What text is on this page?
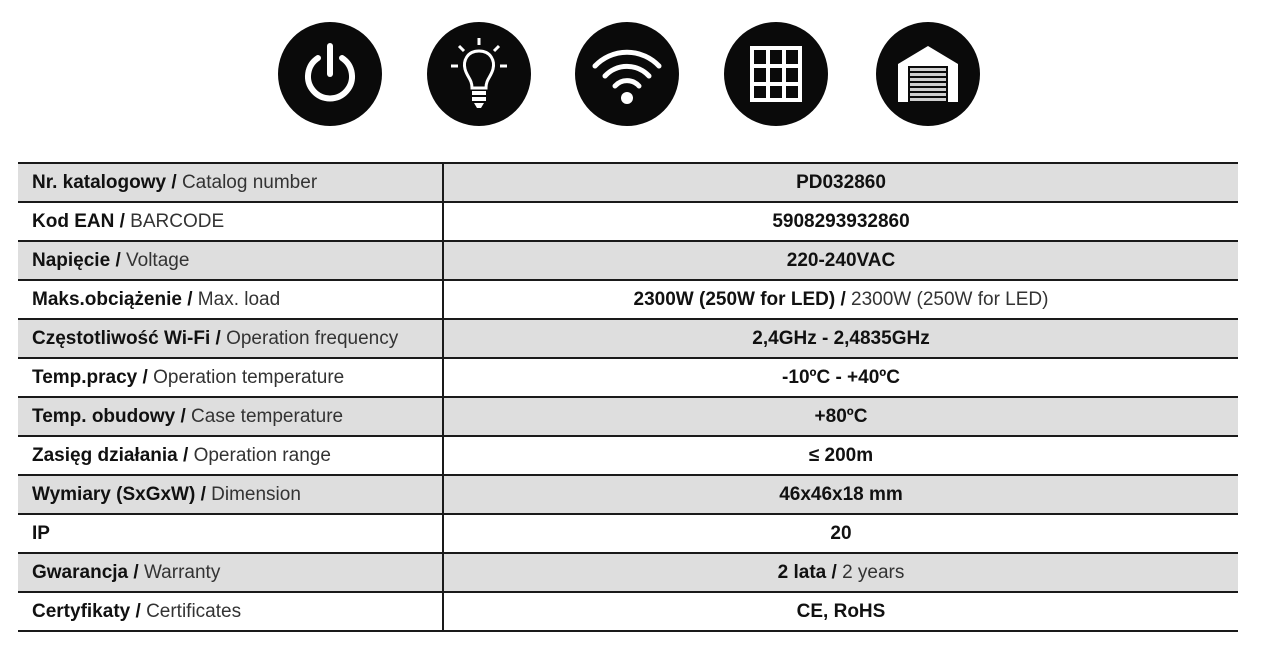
Nr. katalogowy / Catalog number	PD032860
Kod EAN / BARCODE	5908293932860
Napięcie / Voltage	220-240VAC
Maks.obciążenie / Max. load	2300W (250W for LED) / 2300W (250W for LED)
Częstotliwość Wi-Fi / Operation frequency	2,4GHz - 2,4835GHz
Temp.pracy / Operation temperature	-10ºC - +40ºC
Temp. obudowy / Case temperature	+80ºC
Zasięg działania / Operation range	≤ 200m
Wymiary (SxGxW) / Dimension	46x46x18 mm
IP	20
Gwarancja / Warranty	2 lata / 2 years
Certyfikaty / Certificates	CE, RoHS
